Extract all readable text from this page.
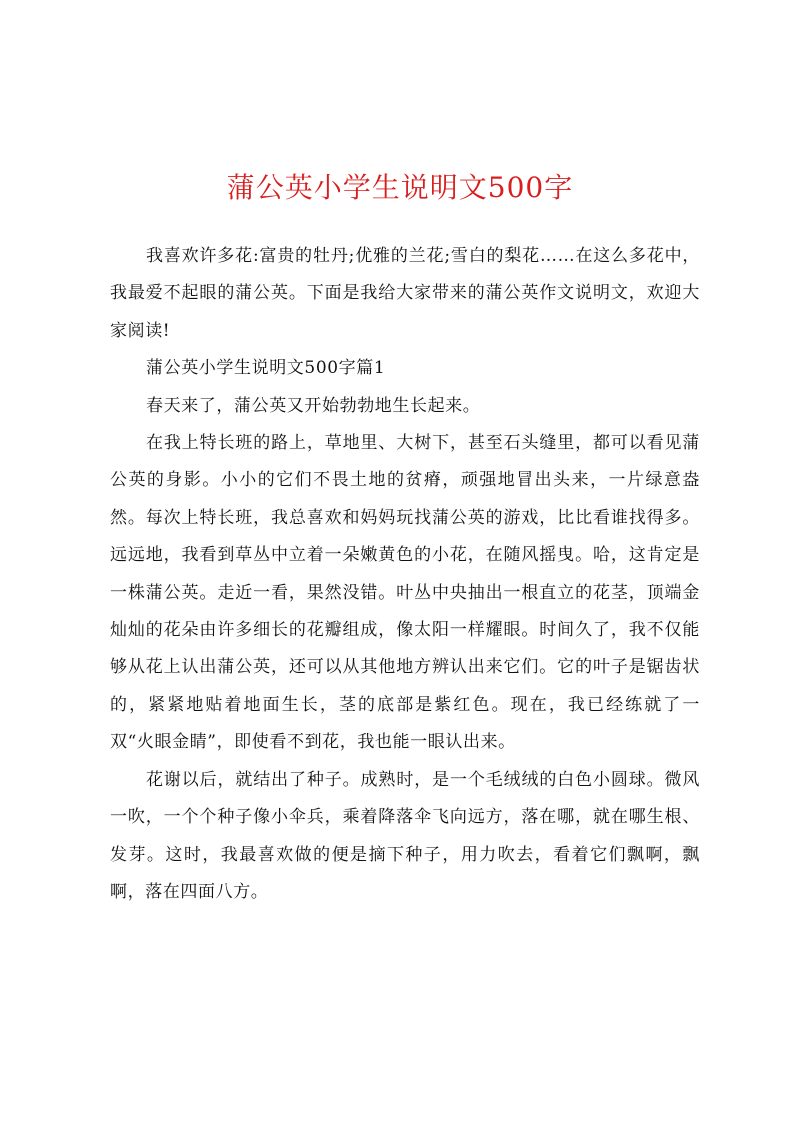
蒲公英小学生说明文500字

我喜欢许多花:富贵的牡丹;优雅的兰花;雪白的梨花……在这么多花中，我最爱不起眼的蒲公英。下面是我给大家带来的蒲公英作文说明文，欢迎大家阅读!

蒲公英小学生说明文500字篇1

春天来了，蒲公英又开始勃勃地生长起来。

在我上特长班的路上，草地里、大树下，甚至石头缝里，都可以看见蒲公英的身影。小小的它们不畏土地的贫瘠，顽强地冒出头来，一片绿意盎然。每次上特长班，我总喜欢和妈妈玩找蒲公英的游戏，比比看谁找得多。远远地，我看到草丛中立着一朵嫩黄色的小花，在随风摇曳。哈，这肯定是一株蒲公英。走近一看，果然没错。叶丛中央抽出一根直立的花茎，顶端金灿灿的花朵由许多细长的花瓣组成，像太阳一样耀眼。时间久了，我不仅能够从花上认出蒲公英，还可以从其他地方辨认出来它们。它的叶子是锯齿状的，紧紧地贴着地面生长，茎的底部是紫红色。现在，我已经练就了一双“火眼金睛”，即使看不到花，我也能一眼认出来。

花谢以后，就结出了种子。成熟时，是一个毛绒绒的白色小圆球。微风一吹，一个个种子像小伞兵，乘着降落伞飞向远方，落在哪，就在哪生根、发芽。这时，我最喜欢做的便是摘下种子，用力吹去，看着它们飘啊，飘啊，落在四面八方。
